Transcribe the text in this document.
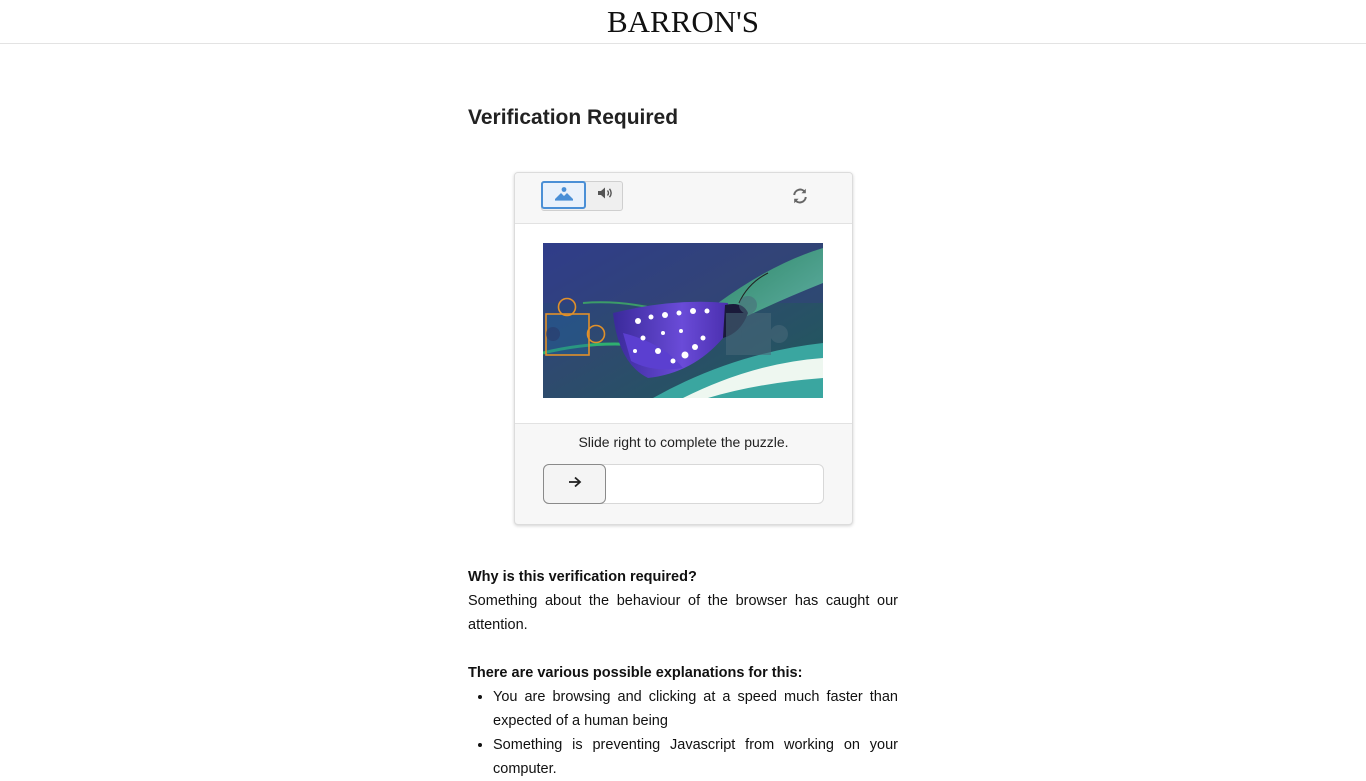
BARRON'S
Verification Required
Slide right to complete the puzzle.

Why is this verification required?

Something about the behaviour of the browser has caught our attention.

There are various possible explanations for this:

• You are browsing and clicking at a speed much faster than expected of a human being
• Something is preventing Javascript from working on your computer.
